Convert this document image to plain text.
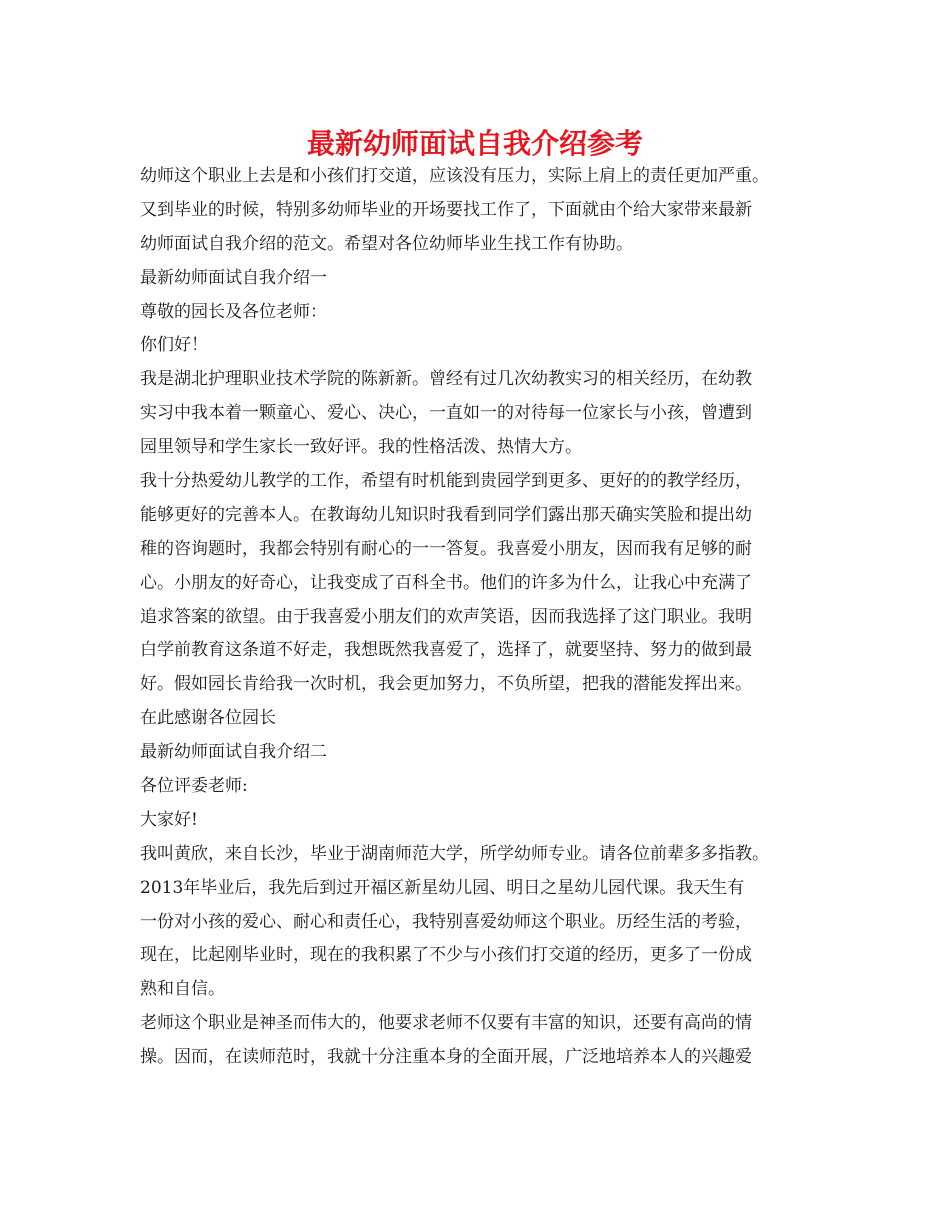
最新幼师面试自我介绍参考
幼师这个职业上去是和小孩们打交道，应该没有压力，实际上肩上的责任更加严重。
又到毕业的时候，特别多幼师毕业的开场要找工作了，下面就由个给大家带来最新
幼师面试自我介绍的范文。希望对各位幼师毕业生找工作有协助。
最新幼师面试自我介绍一
尊敬的园长及各位老师：
你们好！
我是湖北护理职业技术学院的陈新新。曾经有过几次幼教实习的相关经历，在幼教
实习中我本着一颗童心、爱心、决心，一直如一的对待每一位家长与小孩，曾遭到
园里领导和学生家长一致好评。我的性格活泼、热情大方。
我十分热爱幼儿教学的工作，希望有时机能到贵园学到更多、更好的的教学经历，
能够更好的完善本人。在教诲幼儿知识时我看到同学们露出那天确实笑脸和提出幼
稚的咨询题时，我都会特别有耐心的一一答复。我喜爱小朋友，因而我有足够的耐
心。小朋友的好奇心，让我变成了百科全书。他们的许多为什么，让我心中充满了
追求答案的欲望。由于我喜爱小朋友们的欢声笑语，因而我选择了这门职业。我明
白学前教育这条道不好走，我想既然我喜爱了，选择了，就要坚持、努力的做到最
好。假如园长肯给我一次时机，我会更加努力，不负所望，把我的潜能发挥出来。
在此感谢各位园长
最新幼师面试自我介绍二
各位评委老师:
大家好!
我叫黄欣，来自长沙，毕业于湖南师范大学，所学幼师专业。请各位前辈多多指教。
2013年毕业后，我先后到过开福区新星幼儿园、明日之星幼儿园代课。我天生有
一份对小孩的爱心、耐心和责任心，我特别喜爱幼师这个职业。历经生活的考验，
现在，比起刚毕业时，现在的我积累了不少与小孩们打交道的经历，更多了一份成
熟和自信。
老师这个职业是神圣而伟大的，他要求老师不仅要有丰富的知识，还要有高尚的情
操。因而，在读师范时，我就十分注重本身的全面开展，广泛地培养本人的兴趣爱
